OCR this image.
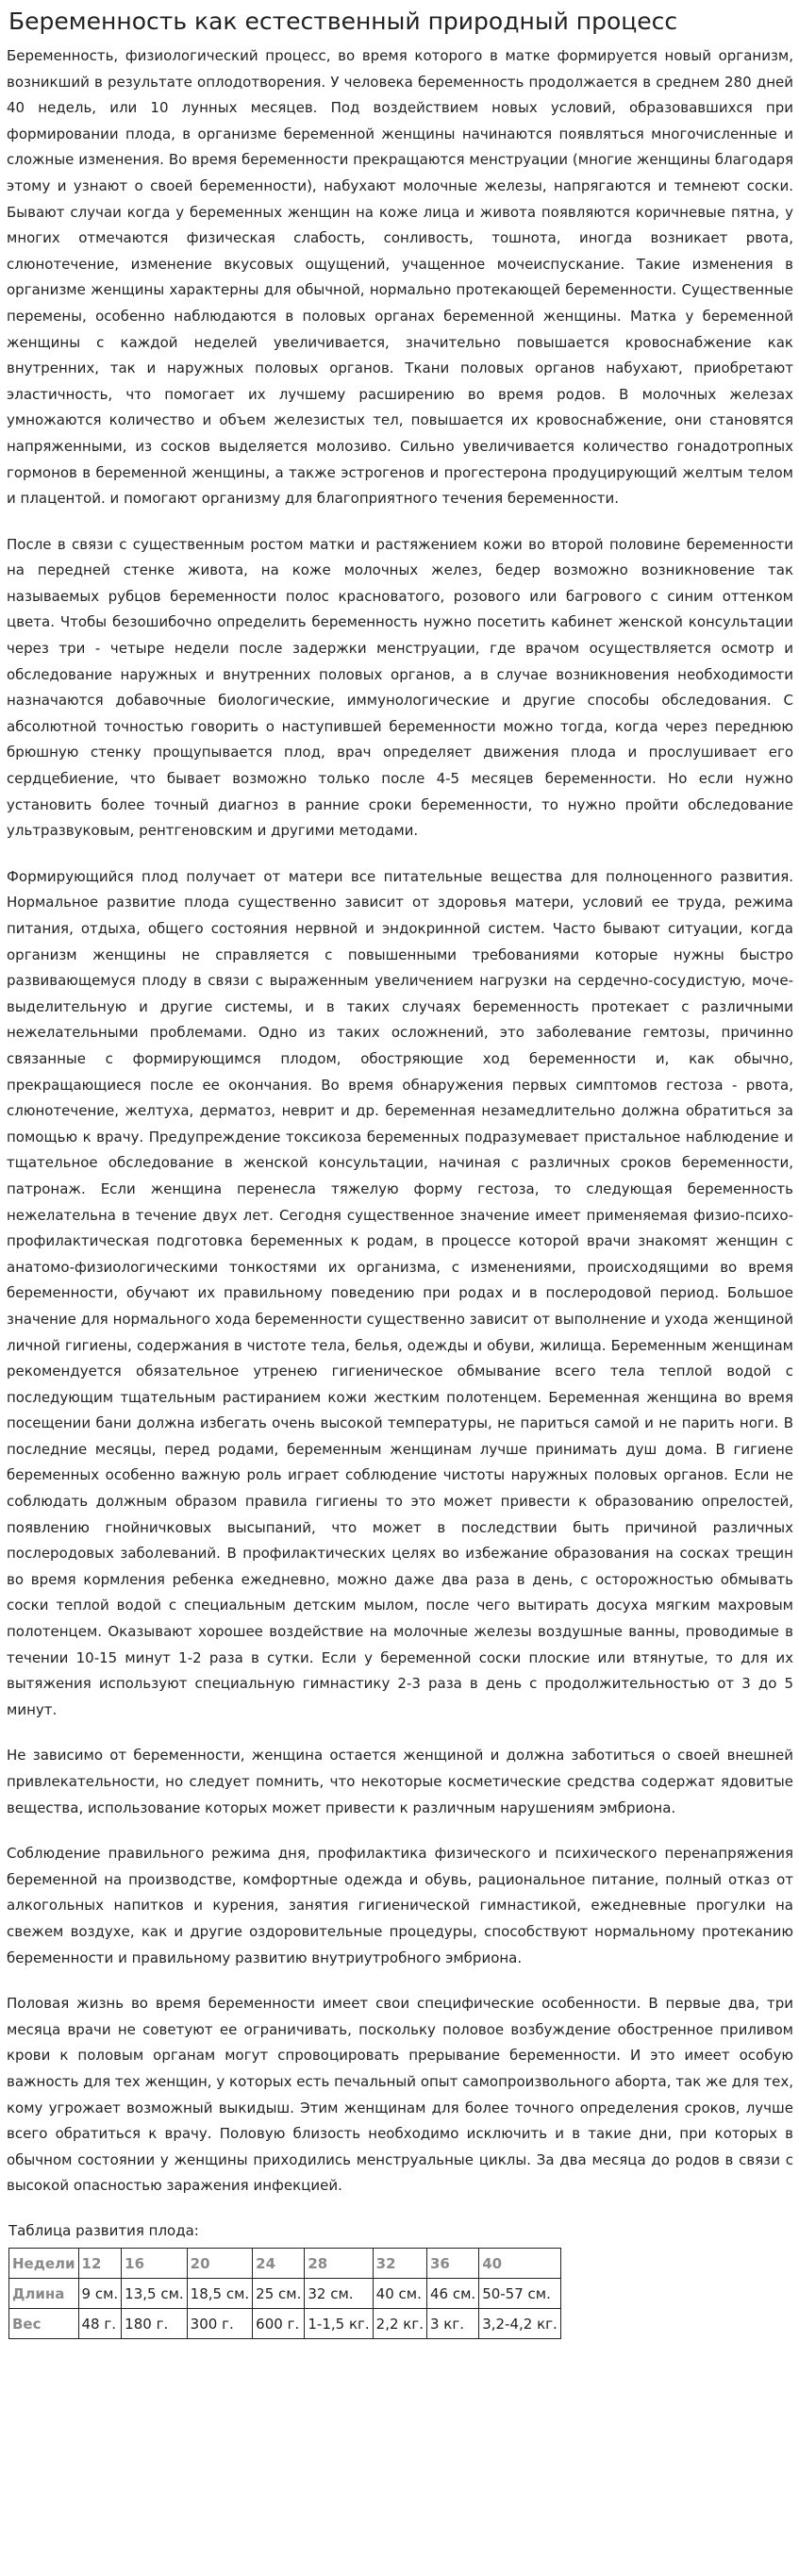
Беременность как естественный природный процесс

Беременность, физиологический процесс, во время которого в матке формируется новый организм, возникший в результате оплодотворения. У человека беременность продолжается в среднем 280 дней 40 недель, или 10 лунных месяцев. Под воздействием новых условий, образовавшихся при формировании плода, в организме беременной женщины начинаются появляться многочисленные и сложные изменения. Во время беременности прекращаются менструации (многие женщины благодаря этому и узнают о своей беременности), набухают молочные железы, напрягаются и темнеют соски. Бывают случаи когда у беременных женщин на коже лица и живота появляются коричневые пятна, у многих отмечаются физическая слабость, сонливость, тошнота, иногда возникает рвота, слюнотечение, изменение вкусовых ощущений, учащенное мочеиспускание. Такие изменения в организме женщины характерны для обычной, нормально протекающей беременности. Существенные перемены, особенно наблюдаются в половых органах беременной женщины. Матка у беременной женщины с каждой неделей увеличивается, значительно повышается кровоснабжение как внутренних, так и наружных половых органов. Ткани половых органов набухают, приобретают эластичность, что помогает их лучшему расширению во время родов. В молочных железах умножаются количество и объем железистых тел, повышается их кровоснабжение, они становятся напряженными, из сосков выделяется молозиво. Сильно увеличивается количество гонадотропных гормонов в беременной женщины, а также эстрогенов и прогестерона продуцирующий желтым телом и плацентой. и помогают организму для благоприятного течения беременности.

После в связи с существенным ростом матки и растяжением кожи во второй половине беременности на передней стенке живота, на коже молочных желез, бедер возможно возникновение так называемых рубцов беременности полос красноватого, розового или багрового с синим оттенком цвета. Чтобы безошибочно определить беременность нужно посетить кабинет женской консультации через три - четыре недели после задержки менструации, где врачом осуществляется осмотр и обследование наружных и внутренних половых органов, а в случае возникновения необходимости назначаются добавочные биологические, иммунологические и другие способы обследования. С абсолютной точностью говорить о наступившей беременности можно тогда, когда через переднюю брюшную стенку прощупывается плод, врач определяет движения плода и прослушивает его сердцебиение, что бывает возможно только после 4-5 месяцев беременности. Но если нужно установить более точный диагноз в ранние сроки беременности, то нужно пройти обследование ультразвуковым, рентгеновским и другими методами.

Формирующийся плод получает от матери все питательные вещества для полноценного развития. Нормальное развитие плода существенно зависит от здоровья матери, условий ее труда, режима питания, отдыха, общего состояния нервной и эндокринной систем. Часто бывают ситуации, когда организм женщины не справляется с повышенными требованиями которые нужны быстро развивающемуся плоду в связи с выраженным увеличением нагрузки на сердечно-сосудистую, моче-выделительную и другие системы, и в таких случаях беременность протекает с различными нежелательными проблемами. Одно из таких осложнений, это заболевание гемтозы, причинно связанные с формирующимся плодом, обостряющие ход беременности и, как обычно, прекращающиеся после ее окончания. Во время обнаружения первых симптомов гестоза - рвота, слюнотечение, желтуха, дерматоз, неврит и др. беременная незамедлительно должна обратиться за помощью к врачу. Предупреждение токсикоза беременных подразумевает пристальное наблюдение и тщательное обследование в женской консультации, начиная с различных сроков беременности, патронаж. Если женщина перенесла тяжелую форму гестоза, то следующая беременность нежелательна в течение двух лет. Сегодня существенное значение имеет применяемая физио-психо-профилактическая подготовка беременных к родам, в процессе которой врачи знакомят женщин с анатомо-физиологическими тонкостями их организма, с изменениями, происходящими во время беременности, обучают их правильному поведению при родах и в послеродовой период. Большое значение для нормального хода беременности существенно зависит от выполнение и ухода женщиной личной гигиены, содержания в чистоте тела, белья, одежды и обуви, жилища. Беременным женщинам рекомендуется обязательное утренею гигиеническое обмывание всего тела теплой водой с последующим тщательным растиранием кожи жестким полотенцем. Беременная женщина во время посещении бани должна избегать очень высокой температуры, не париться самой и не парить ноги. В последние месяцы, перед родами, беременным женщинам лучше принимать душ дома. В гигиене беременных особенно важную роль играет соблюдение чистоты наружных половых органов. Если не соблюдать должным образом правила гигиены то это может привести к образованию опрелостей, появлению гнойничковых высыпаний, что может в последствии быть причиной различных послеродовых заболеваний. В профилактических целях во избежание образования на сосках трещин во время кормления ребенка ежедневно, можно даже два раза в день, с осторожностью обмывать соски теплой водой с специальным детским мылом, после чего вытирать досуха мягким махровым полотенцем. Оказывают хорошее воздействие на молочные железы воздушные ванны, проводимые в течении 10-15 минут 1-2 раза в сутки. Если у беременной соски плоские или втянутые, то для их вытяжения используют специальную гимнастику 2-3 раза в день с продолжительностью от 3 до 5 минут.

Не зависимо от беременности, женщина остается женщиной и должна заботиться о своей внешней привлекательности, но следует помнить, что некоторые косметические средства содержат ядовитые вещества, использование которых может привести к различным нарушениям эмбриона.

Соблюдение правильного режима дня, профилактика физического и психического перенапряжения беременной на производстве, комфортные одежда и обувь, рациональное питание, полный отказ от алкогольных напитков и курения, занятия гигиенической гимнастикой, ежедневные прогулки на свежем воздухе, как и другие оздоровительные процедуры, способствуют нормальному протеканию беременности и правильному развитию внутриутробного эмбриона.

Половая жизнь во время беременности имеет свои специфические особенности. В первые два, три месяца врачи не советуют ее ограничивать, поскольку половое возбуждение обостренное приливом крови к половым органам могут спровоцировать прерывание беременности. И это имеет особую важность для тех женщин, у которых есть печальный опыт самопроизвольного аборта, так же для тех, кому угрожает возможный выкидыш. Этим женщинам для более точного определения сроков, лучше всего обратиться к врачу. Половую близость необходимо исключить и в такие дни, при которых в обычном состоянии у женщины приходились менструальные циклы. За два месяца до родов в связи с высокой опасностью заражения инфекцией.

Таблица развития плода:
Недели	12	16	20	24	28	32	36	40
Длина	9 см.	13,5 см.	18,5 см.	25 см.	32 см.	40 см.	46 см.	50-57 см.
Вес	48 г.	180 г.	300 г.	600 г.	1-1,5 кг.	2,2 кг.	3 кг.	3,2-4,2 кг.
